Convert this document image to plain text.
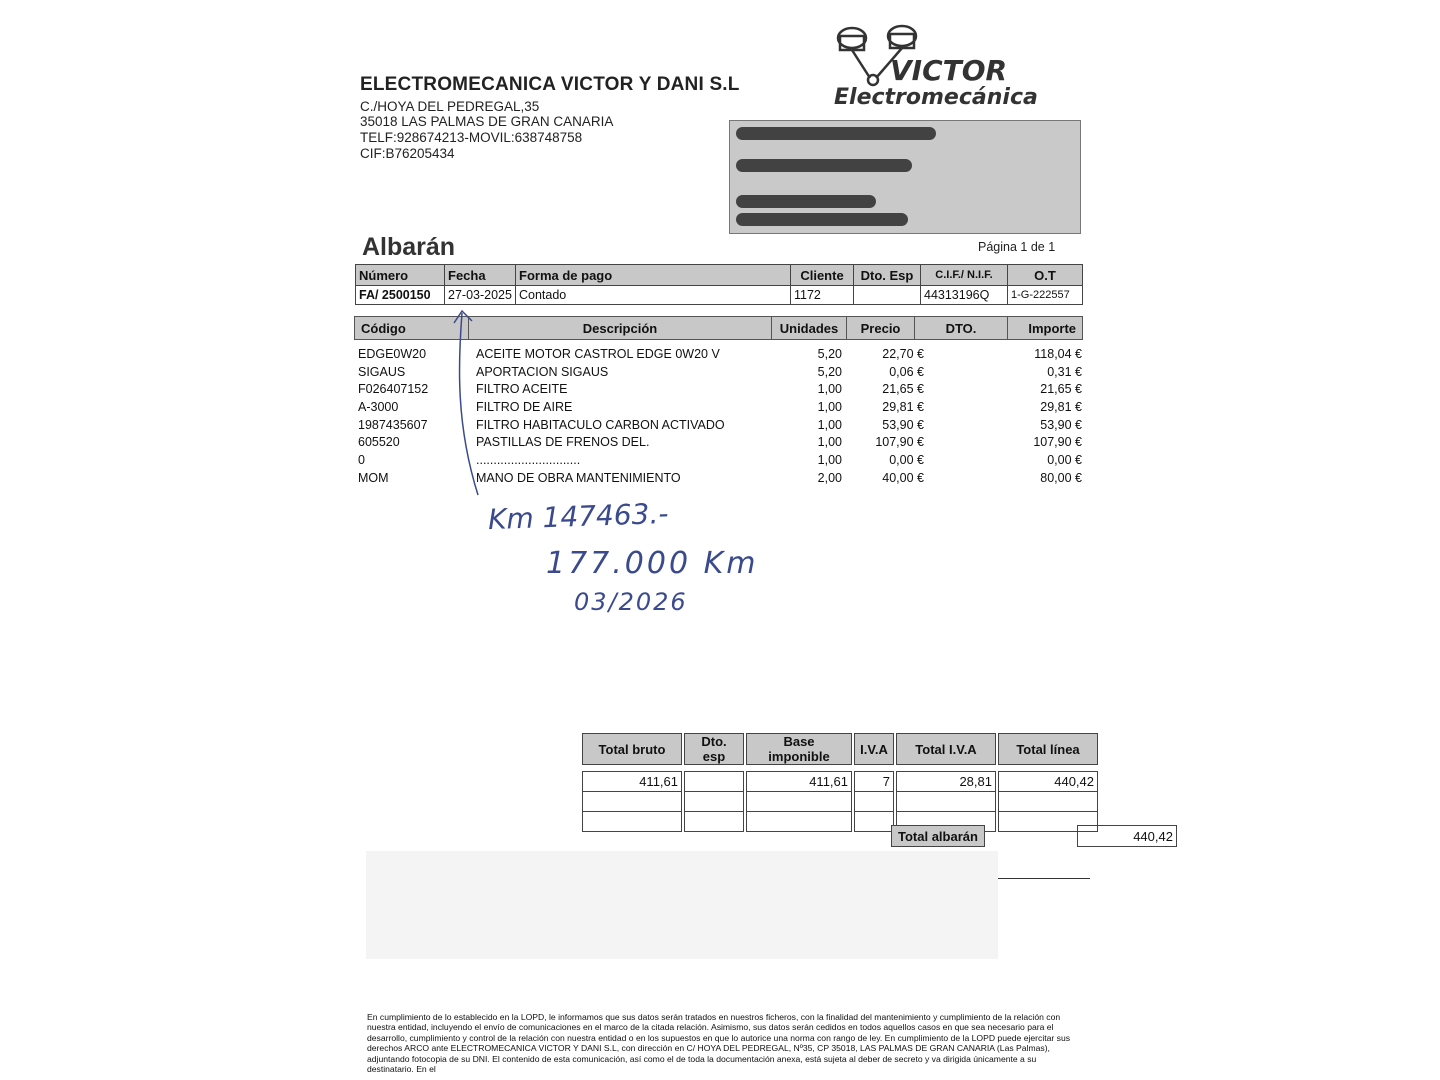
ELECTROMECANICA VICTOR Y DANI S.L
C./HOYA DEL PEDREGAL,35
35018 LAS PALMAS DE GRAN CANARIA
TELF:928674213-MOVIL:638748758
CIF:B76205434
VICTOR
Electromecánica
Albarán	Página 1 de 1
Número	Fecha	Forma de pago	Cliente	Dto. Esp	C.I.F./ N.I.F.	O.T
FA/ 2500150	27-03-2025	Contado	1172		44313196Q	1-G-222557
Código	Descripción	Unidades	Precio	DTO.	Importe
EDGE0W20	ACEITE MOTOR CASTROL EDGE 0W20 V	5,20	22,70 €		118,04 €
SIGAUS	APORTACION SIGAUS	5,20	0,06 €		0,31 €
F026407152	FILTRO ACEITE	1,00	21,65 €		21,65 €
A-3000	FILTRO DE AIRE	1,00	29,81 €		29,81 €
1987435607	FILTRO HABITACULO CARBON ACTIVADO	1,00	53,90 €		53,90 €
605520	PASTILLAS DE FRENOS DEL.	1,00	107,90 €		107,90 €
0	..............................	1,00	0,00 €		0,00 €
MOM	MANO DE OBRA MANTENIMIENTO	2,00	40,00 €		80,00 €
Km 147463.-
177.000 Km
03/2026
Total bruto		Dto. esp		Base imponible		I.V.A		Total I.V.A		Total línea

411,61				411,61		7		28,81		440,42

Total albarán		440,42
En cumplimiento de lo establecido en la LOPD, le informamos que sus datos serán tratados en nuestros ficheros, con la finalidad del mantenimiento y cumplimiento de la relación con nuestra entidad, incluyendo el envío de comunicaciones en el marco de la citada relación. Asimismo, sus datos serán cedidos en todos aquellos casos en que sea necesario para el desarrollo, cumplimiento y control de la relación con nuestra entidad o en los supuestos en que lo autorice una norma con rango de ley. En cumplimiento de la LOPD puede ejercitar sus derechos ARCO ante ELECTROMECANICA VICTOR Y DANI S.L, con dirección en C/ HOYA DEL PEDREGAL, Nº35, CP 35018, LAS PALMAS DE GRAN CANARIA (Las Palmas), adjuntando fotocopia de su DNI. El contenido de esta comunicación, así como el de toda la documentación anexa, está sujeta al deber de secreto y va dirigida únicamente a su destinatario. En el
